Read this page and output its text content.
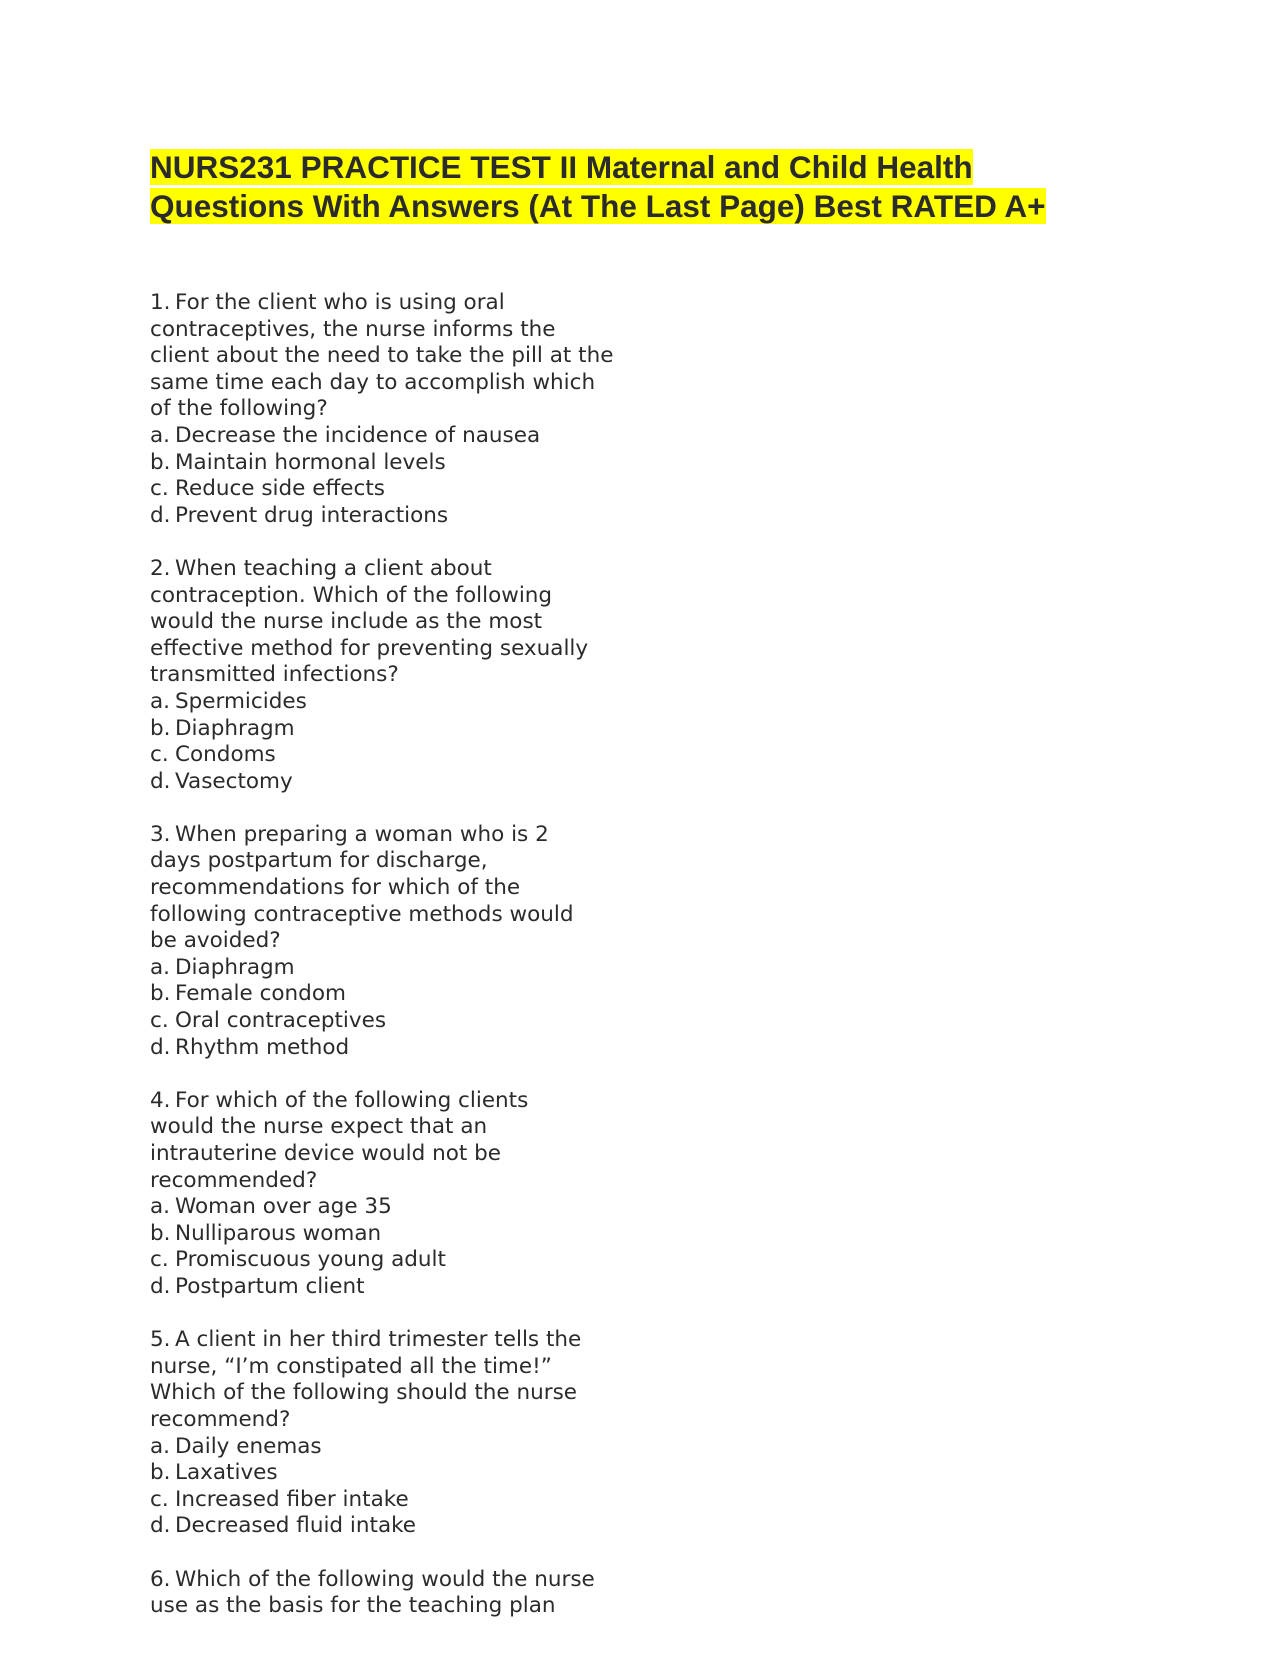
NURS231 PRACTICE TEST II Maternal and Child Health Questions With Answers (At The Last Page) Best RATED A+
1. For the client who is using oral
contraceptives, the nurse informs the
client about the need to take the pill at the
same time each day to accomplish which
of the following?
a. Decrease the incidence of nausea
b. Maintain hormonal levels
c. Reduce side effects
d. Prevent drug interactions
2. When teaching a client about
contraception. Which of the following
would the nurse include as the most
effective method for preventing sexually
transmitted infections?
a. Spermicides
b. Diaphragm
c. Condoms
d. Vasectomy
3. When preparing a woman who is 2
days postpartum for discharge,
recommendations for which of the
following contraceptive methods would
be avoided?
a. Diaphragm
b. Female condom
c. Oral contraceptives
d. Rhythm method
4. For which of the following clients
would the nurse expect that an
intrauterine device would not be
recommended?
a. Woman over age 35
b. Nulliparous woman
c. Promiscuous young adult
d. Postpartum client
5. A client in her third trimester tells the
nurse, “I’m constipated all the time!”
Which of the following should the nurse
recommend?
a. Daily enemas
b. Laxatives
c. Increased fiber intake
d. Decreased fluid intake
6. Which of the following would the nurse
use as the basis for the teaching plan
